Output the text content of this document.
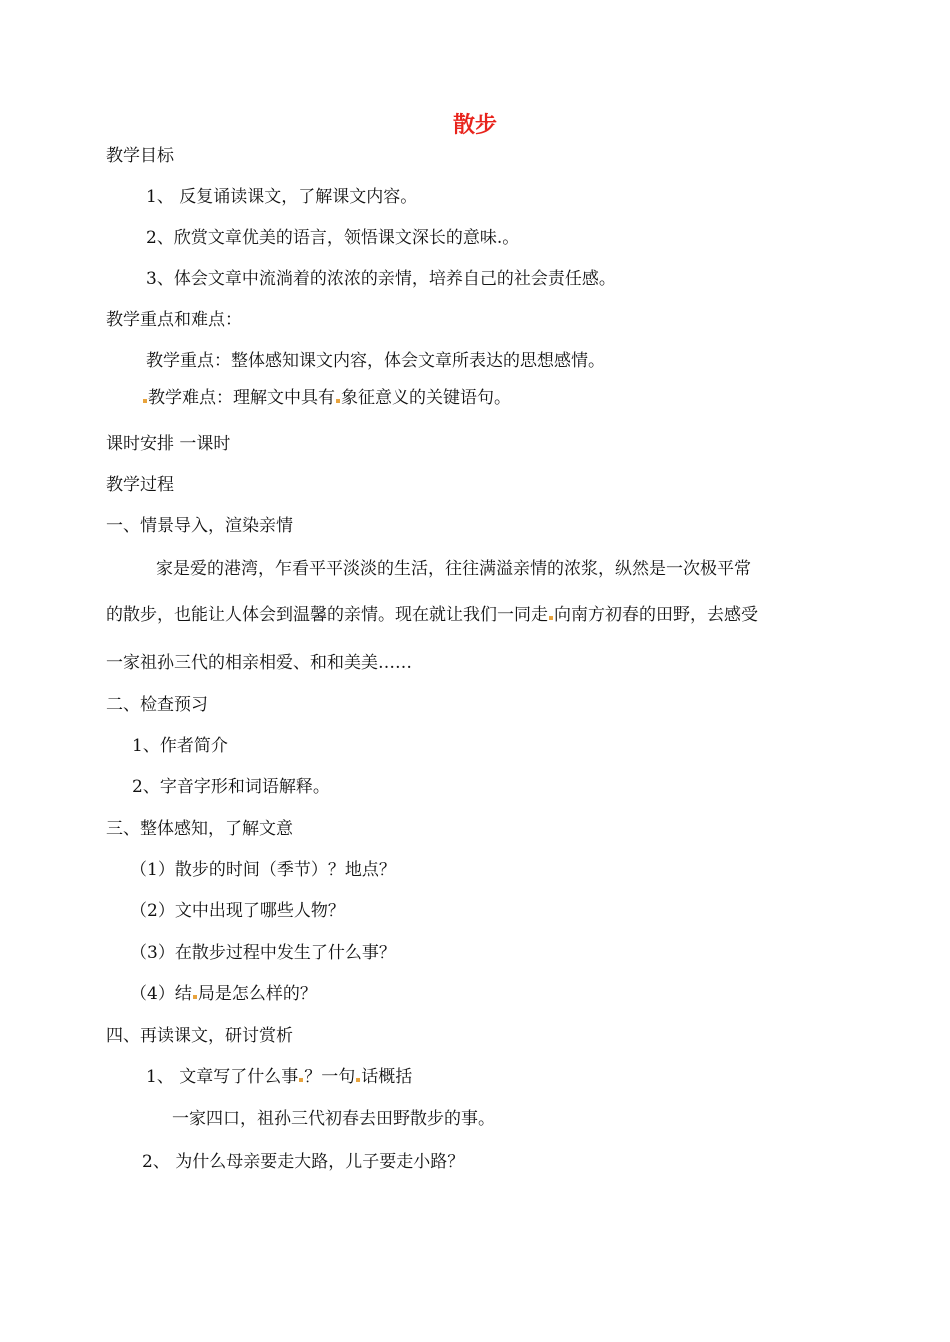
散步
教学目标
1、 反复诵读课文，了解课文内容。
2、欣赏文章优美的语言，领悟课文深长的意味.。
3、体会文章中流淌着的浓浓的亲情，培养自己的社会责任感。
教学重点和难点：
教学重点：整体感知课文内容，体会文章所表达的思想感情。
教学难点：理解文中具有 象征意义的关键语句。
课时安排 一课时
教学过程
一、情景导入，渲染亲情
家是爱的港湾，乍看平平淡淡的生活，往往满溢亲情的浓浆，纵然是一次极平常
的散步，也能让人体会到温馨的亲情。现在就让我们一同走 向南方初春的田野，去感受
一家祖孙三代的相亲相爱、和和美美……
二、检查预习
1、作者简介
2、字音字形和词语解释。
三、整体感知，了解文意
（1）散步的时间（季节）？地点？
（2）文中出现了哪些人物？
（3）在散步过程中发生了什么事？
（4）结 局是怎么样的？
四、再读课文，研讨赏析
1、 文章写了什么事 ？一句 话概括
一家四口，祖孙三代初春去田野散步的事。
2、 为什么母亲要走大路，儿子要走小路？
